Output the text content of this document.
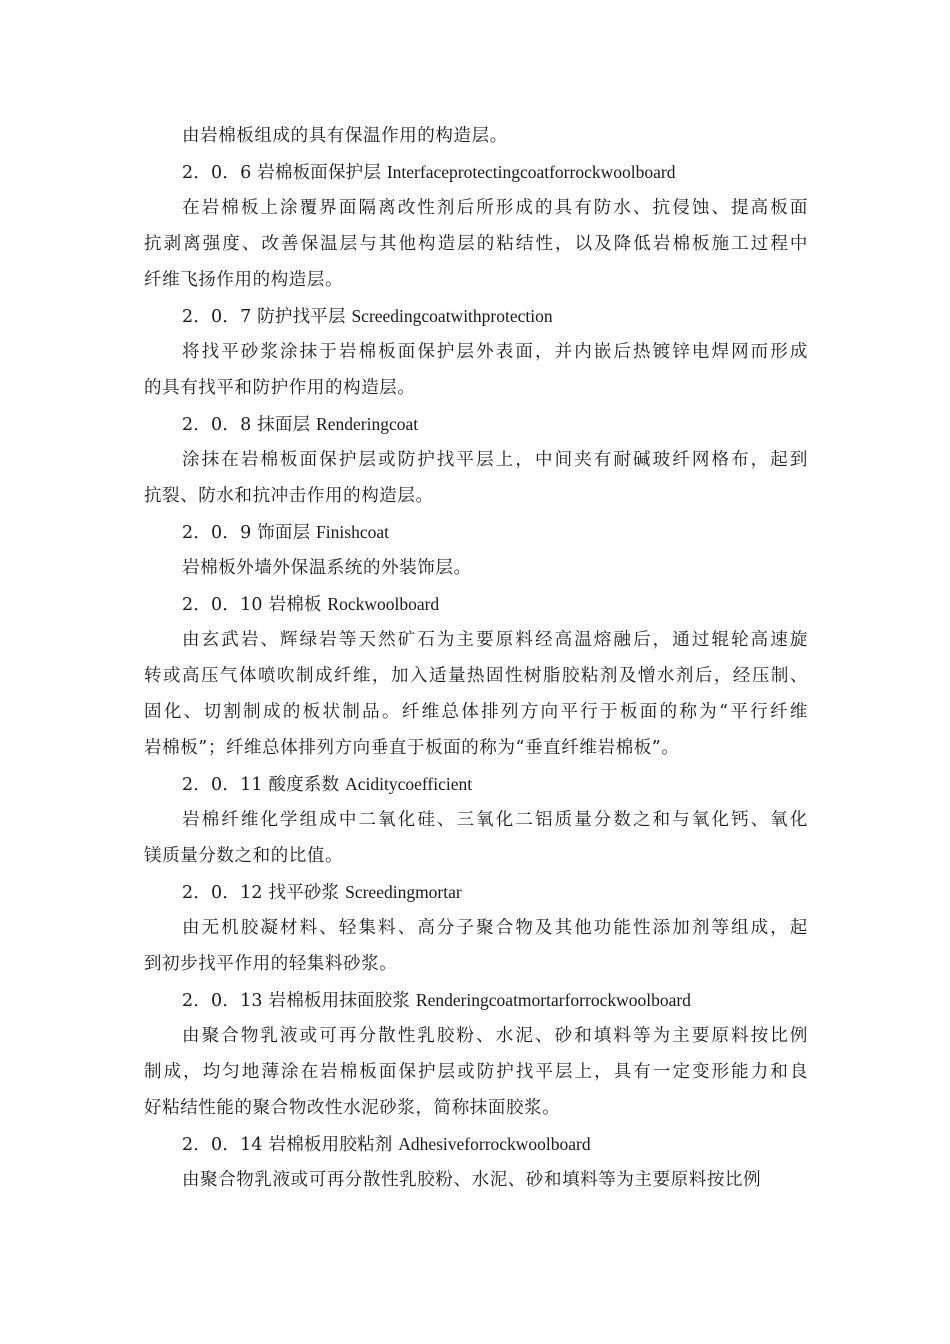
由岩棉板组成的具有保温作用的构造层。
2．0．6 岩棉板面保护层 Interfaceprotectingcoatforrockwoolboard
在岩棉板上涂覆界面隔离改性剂后所形成的具有防水、抗侵蚀、提高板面
抗剥离强度、改善保温层与其他构造层的粘结性，以及降低岩棉板施工过程中
纤维飞扬作用的构造层。
2．0．7 防护找平层 Screedingcoatwithprotection
将找平砂浆涂抹于岩棉板面保护层外表面，并内嵌后热镀锌电焊网而形成
的具有找平和防护作用的构造层。
2．0．8 抹面层 Renderingcoat
涂抹在岩棉板面保护层或防护找平层上，中间夹有耐碱玻纤网格布，起到
抗裂、防水和抗冲击作用的构造层。
2．0．9 饰面层 Finishcoat
岩棉板外墙外保温系统的外装饰层。
2．0．10 岩棉板 Rockwoolboard
由玄武岩、辉绿岩等天然矿石为主要原料经高温熔融后，通过辊轮高速旋
转或高压气体喷吹制成纤维，加入适量热固性树脂胶粘剂及憎水剂后，经压制、
固化、切割制成的板状制品。纤维总体排列方向平行于板面的称为“平行纤维
岩棉板”；纤维总体排列方向垂直于板面的称为“垂直纤维岩棉板”。
2．0．11 酸度系数 Aciditycoefficient
岩棉纤维化学组成中二氧化硅、三氧化二铝质量分数之和与氧化钙、氧化
镁质量分数之和的比值。
2．0．12 找平砂浆 Screedingmortar
由无机胶凝材料、轻集料、高分子聚合物及其他功能性添加剂等组成，起
到初步找平作用的轻集料砂浆。
2．0．13 岩棉板用抹面胶浆 Renderingcoatmortarforrockwoolboard
由聚合物乳液或可再分散性乳胶粉、水泥、砂和填料等为主要原料按比例
制成，均匀地薄涂在岩棉板面保护层或防护找平层上，具有一定变形能力和良
好粘结性能的聚合物改性水泥砂浆，简称抹面胶浆。
2．0．14 岩棉板用胶粘剂 Adhesiveforrockwoolboard
由聚合物乳液或可再分散性乳胶粉、水泥、砂和填料等为主要原料按比例
